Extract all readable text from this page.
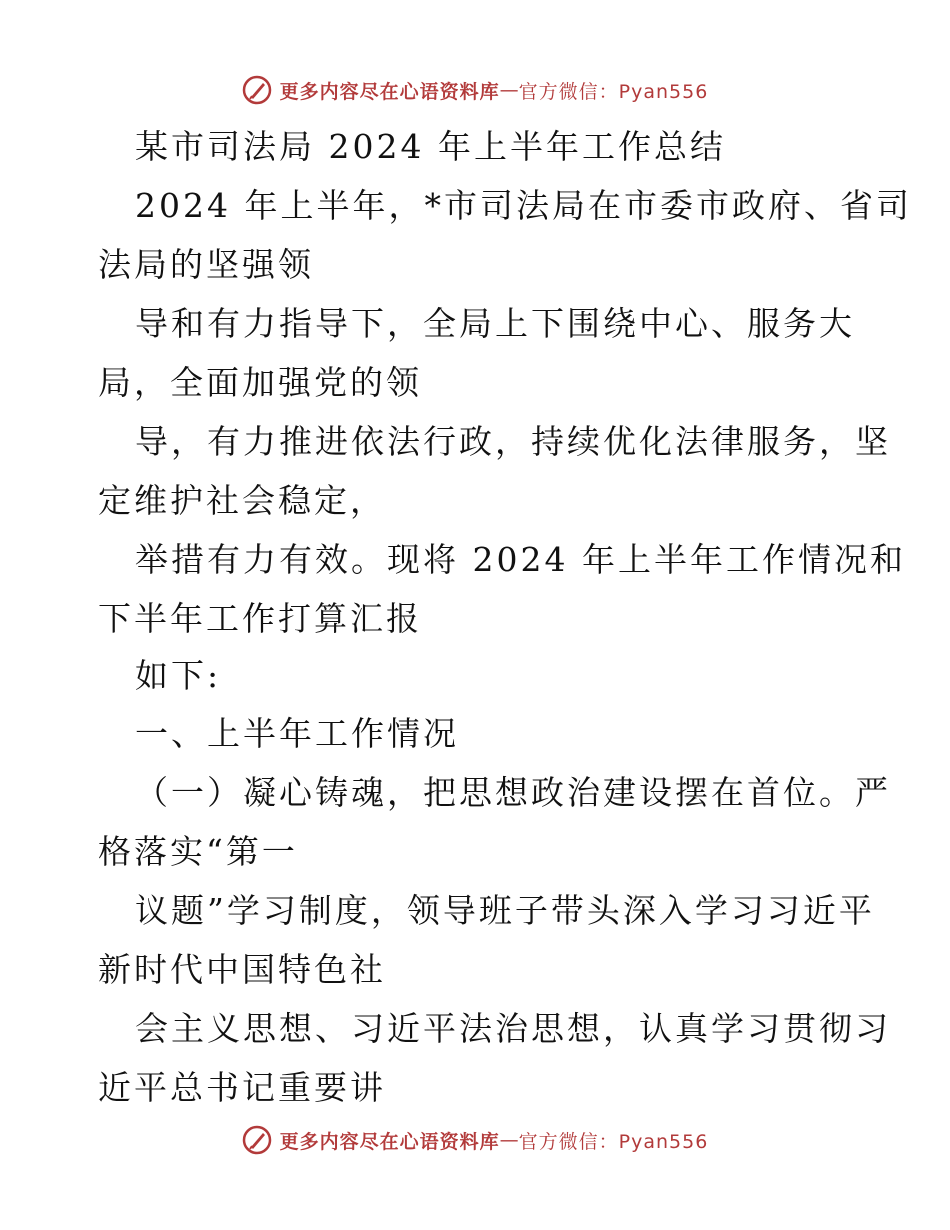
更多内容尽在心语资料库 — 官方微信：Pyan556
某市司法局 2024 年上半年工作总结
2024 年上半年，*市司法局在市委市政府、省司
法局的坚强领
导和有力指导下，全局上下围绕中心、服务大
局，全面加强党的领
导，有力推进依法行政，持续优化法律服务，坚
定维护社会稳定，
举措有力有效。现将 2024 年上半年工作情况和
下半年工作打算汇报
如下:
一、上半年工作情况
（一）凝心铸魂，把思想政治建设摆在首位。严
格落实“第一
议题”学习制度，领导班子带头深入学习习近平
新时代中国特色社
会主义思想、习近平法治思想，认真学习贯彻习
近平总书记重要讲
更多内容尽在心语资料库 — 官方微信：Pyan556
